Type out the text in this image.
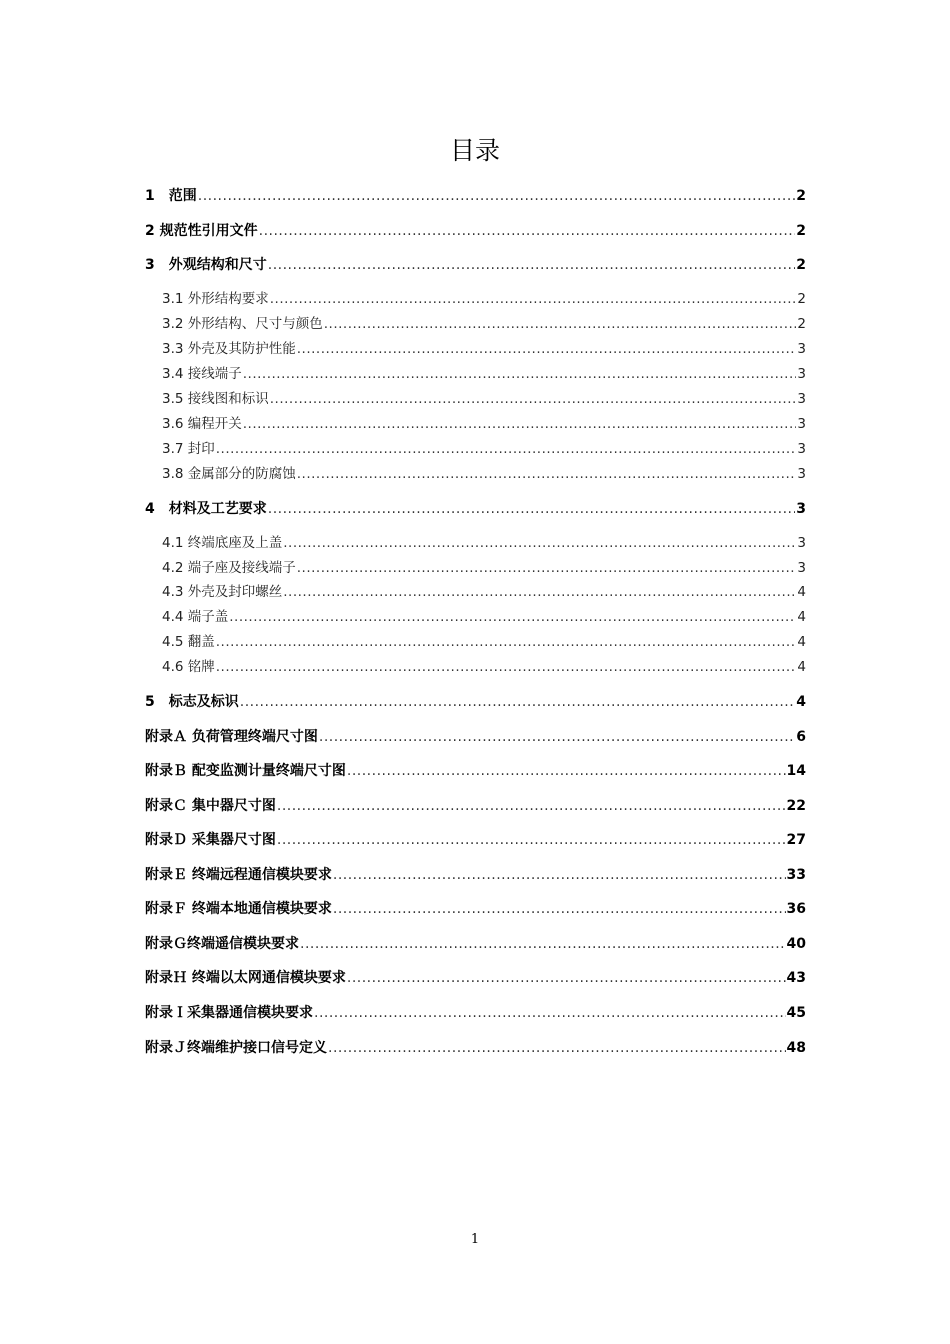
目录
1　范围 .....	2
2 规范性引用文件 .....	2
3　外观结构和尺寸 .....	2
3.1 外形结构要求 .....	2
3.2 外形结构、尺寸与颜色 .....	2
3.3 外壳及其防护性能 .....	3
3.4 接线端子 .....	3
3.5 接线图和标识 .....	3
3.6 编程开关 .....	3
3.7 封印 .....	3
3.8 金属部分的防腐蚀 .....	3
4　材料及工艺要求 .....	3
4.1 终端底座及上盖 .....	3
4.2 端子座及接线端子 .....	3
4.3 外壳及封印螺丝 .....	4
4.4 端子盖 .....	4
4.5 翻盖 .....	4
4.6 铭牌 .....	4
5　标志及标识 .....	4
附录Ａ 负荷管理终端尺寸图 .....	6
附录Ｂ 配变监测计量终端尺寸图 .....	14
附录Ｃ 集中器尺寸图 .....	22
附录Ｄ 采集器尺寸图 .....	27
附录Ｅ 终端远程通信模块要求 .....	33
附录Ｆ 终端本地通信模块要求 .....	36
附录Ｇ终端遥信模块要求 .....	40
附录Ｈ 终端以太网通信模块要求 .....	43
附录Ｉ采集器通信模块要求 .....	45
附录Ｊ终端维护接口信号定义 .....	48
1
